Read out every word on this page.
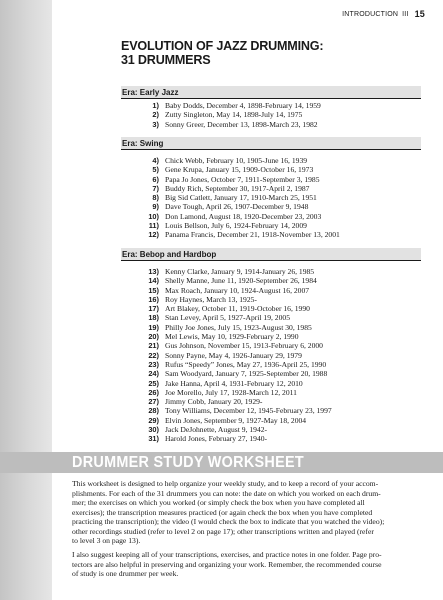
INTRODUCTION III 15
EVOLUTION OF JAZZ DRUMMING:
31 DRUMMERS
Era: Early Jazz
1) Baby Dodds, December 4, 1898-February 14, 1959
2) Zutty Singleton, May 14, 1898-July 14, 1975
3) Sonny Greer, December 13, 1898-March 23, 1982
Era: Swing
4) Chick Webb, February 10, 1905-June 16, 1939
5) Gene Krupa, January 15, 1909-October 16, 1973
6) Papa Jo Jones, October 7, 1911-September 3, 1985
7) Buddy Rich, September 30, 1917-April 2, 1987
8) Big Sid Catlett, January 17, 1910-March 25, 1951
9) Dave Tough, April 26, 1907-December 9, 1948
10) Don Lamond, August 18, 1920-December 23, 2003
11) Louis Bellson, July 6, 1924-February 14, 2009
12) Panama Francis, December 21, 1918-November 13, 2001
Era: Bebop and Hardbop
13) Kenny Clarke, January 9, 1914-January 26, 1985
14) Shelly Manne, June 11, 1920-September 26, 1984
15) Max Roach, January 10, 1924-August 16, 2007
16) Roy Haynes, March 13, 1925-
17) Art Blakey, October 11, 1919-October 16, 1990
18) Stan Levey, April 5, 1927-April 19, 2005
19) Philly Joe Jones, July 15, 1923-August 30, 1985
20) Mel Lewis, May 10, 1929-February 2, 1990
21) Gus Johnson, November 15, 1913-February 6, 2000
22) Sonny Payne, May 4, 1926-January 29, 1979
23) Rufus “Speedy” Jones, May 27, 1936-April 25, 1990
24) Sam Woodyard, January 7, 1925-September 20, 1988
25) Jake Hanna, April 4, 1931-February 12, 2010
26) Joe Morello, July 17, 1928-March 12, 2011
27) Jimmy Cobb, January 20, 1929-
28) Tony Williams, December 12, 1945-February 23, 1997
29) Elvin Jones, September 9, 1927-May 18, 2004
30) Jack DeJohnette, August 9, 1942-
31) Harold Jones, February 27, 1940-
DRUMMER STUDY WORKSHEET

This worksheet is designed to help organize your weekly study, and to keep a record of your accom-
plishments. For each of the 31 drummers you can note: the date on which you worked on each drum-
mer; the exercises on which you worked (or simply check the box when you have completed all
exercises); the transcription measures practiced (or again check the box when you have completed
practicing the transcription); the video (I would check the box to indicate that you watched the video);
other recordings studied (refer to level 2 on page 17); other transcriptions written and played (refer
to level 3 on page 13).

I also suggest keeping all of your transcriptions, exercises, and practice notes in one folder. Page pro-
tectors are also helpful in preserving and organizing your work. Remember, the recommended course
of study is one drummer per week.
